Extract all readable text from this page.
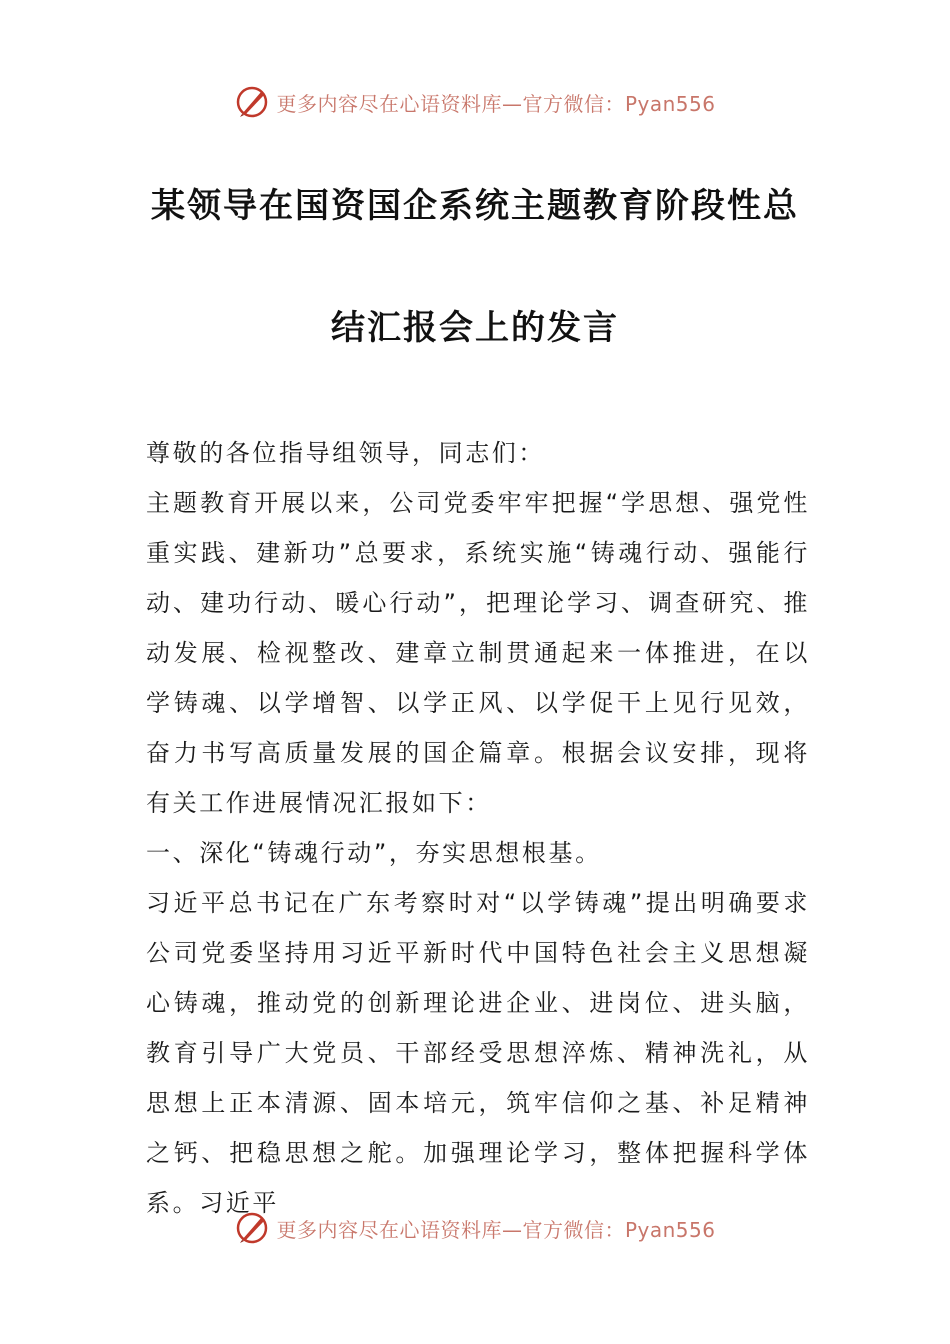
更多内容尽在心语资料库—官方微信：Pyan556
某领导在国资国企系统主题教育阶段性总
结汇报会上的发言

尊敬的各位指导组领导，同志们：

主题教育开展以来，公司党委牢牢把握“学思想、强党性重实践、建新功”总要求，系统实施“铸魂行动、强能行动、建功行动、暖心行动”，把理论学习、调查研究、推动发展、检视整改、建章立制贯通起来一体推进，在以学铸魂、以学增智、以学正风、以学促干上见行见效，奋力书写高质量发展的国企篇章。根据会议安排，现将有关工作进展情况汇报如下：

一、深化“铸魂行动”，夯实思想根基。

习近平总书记在广东考察时对“以学铸魂”提出明确要求公司党委坚持用习近平新时代中国特色社会主义思想凝心铸魂，推动党的创新理论进企业、进岗位、进头脑，教育引导广大党员、干部经受思想淬炼、精神洗礼，从思想上正本清源、固本培元，筑牢信仰之基、补足精神之钙、把稳思想之舵。加强理论学习，整体把握科学体系。习近平

更多内容尽在心语资料库—官方微信：Pyan556
